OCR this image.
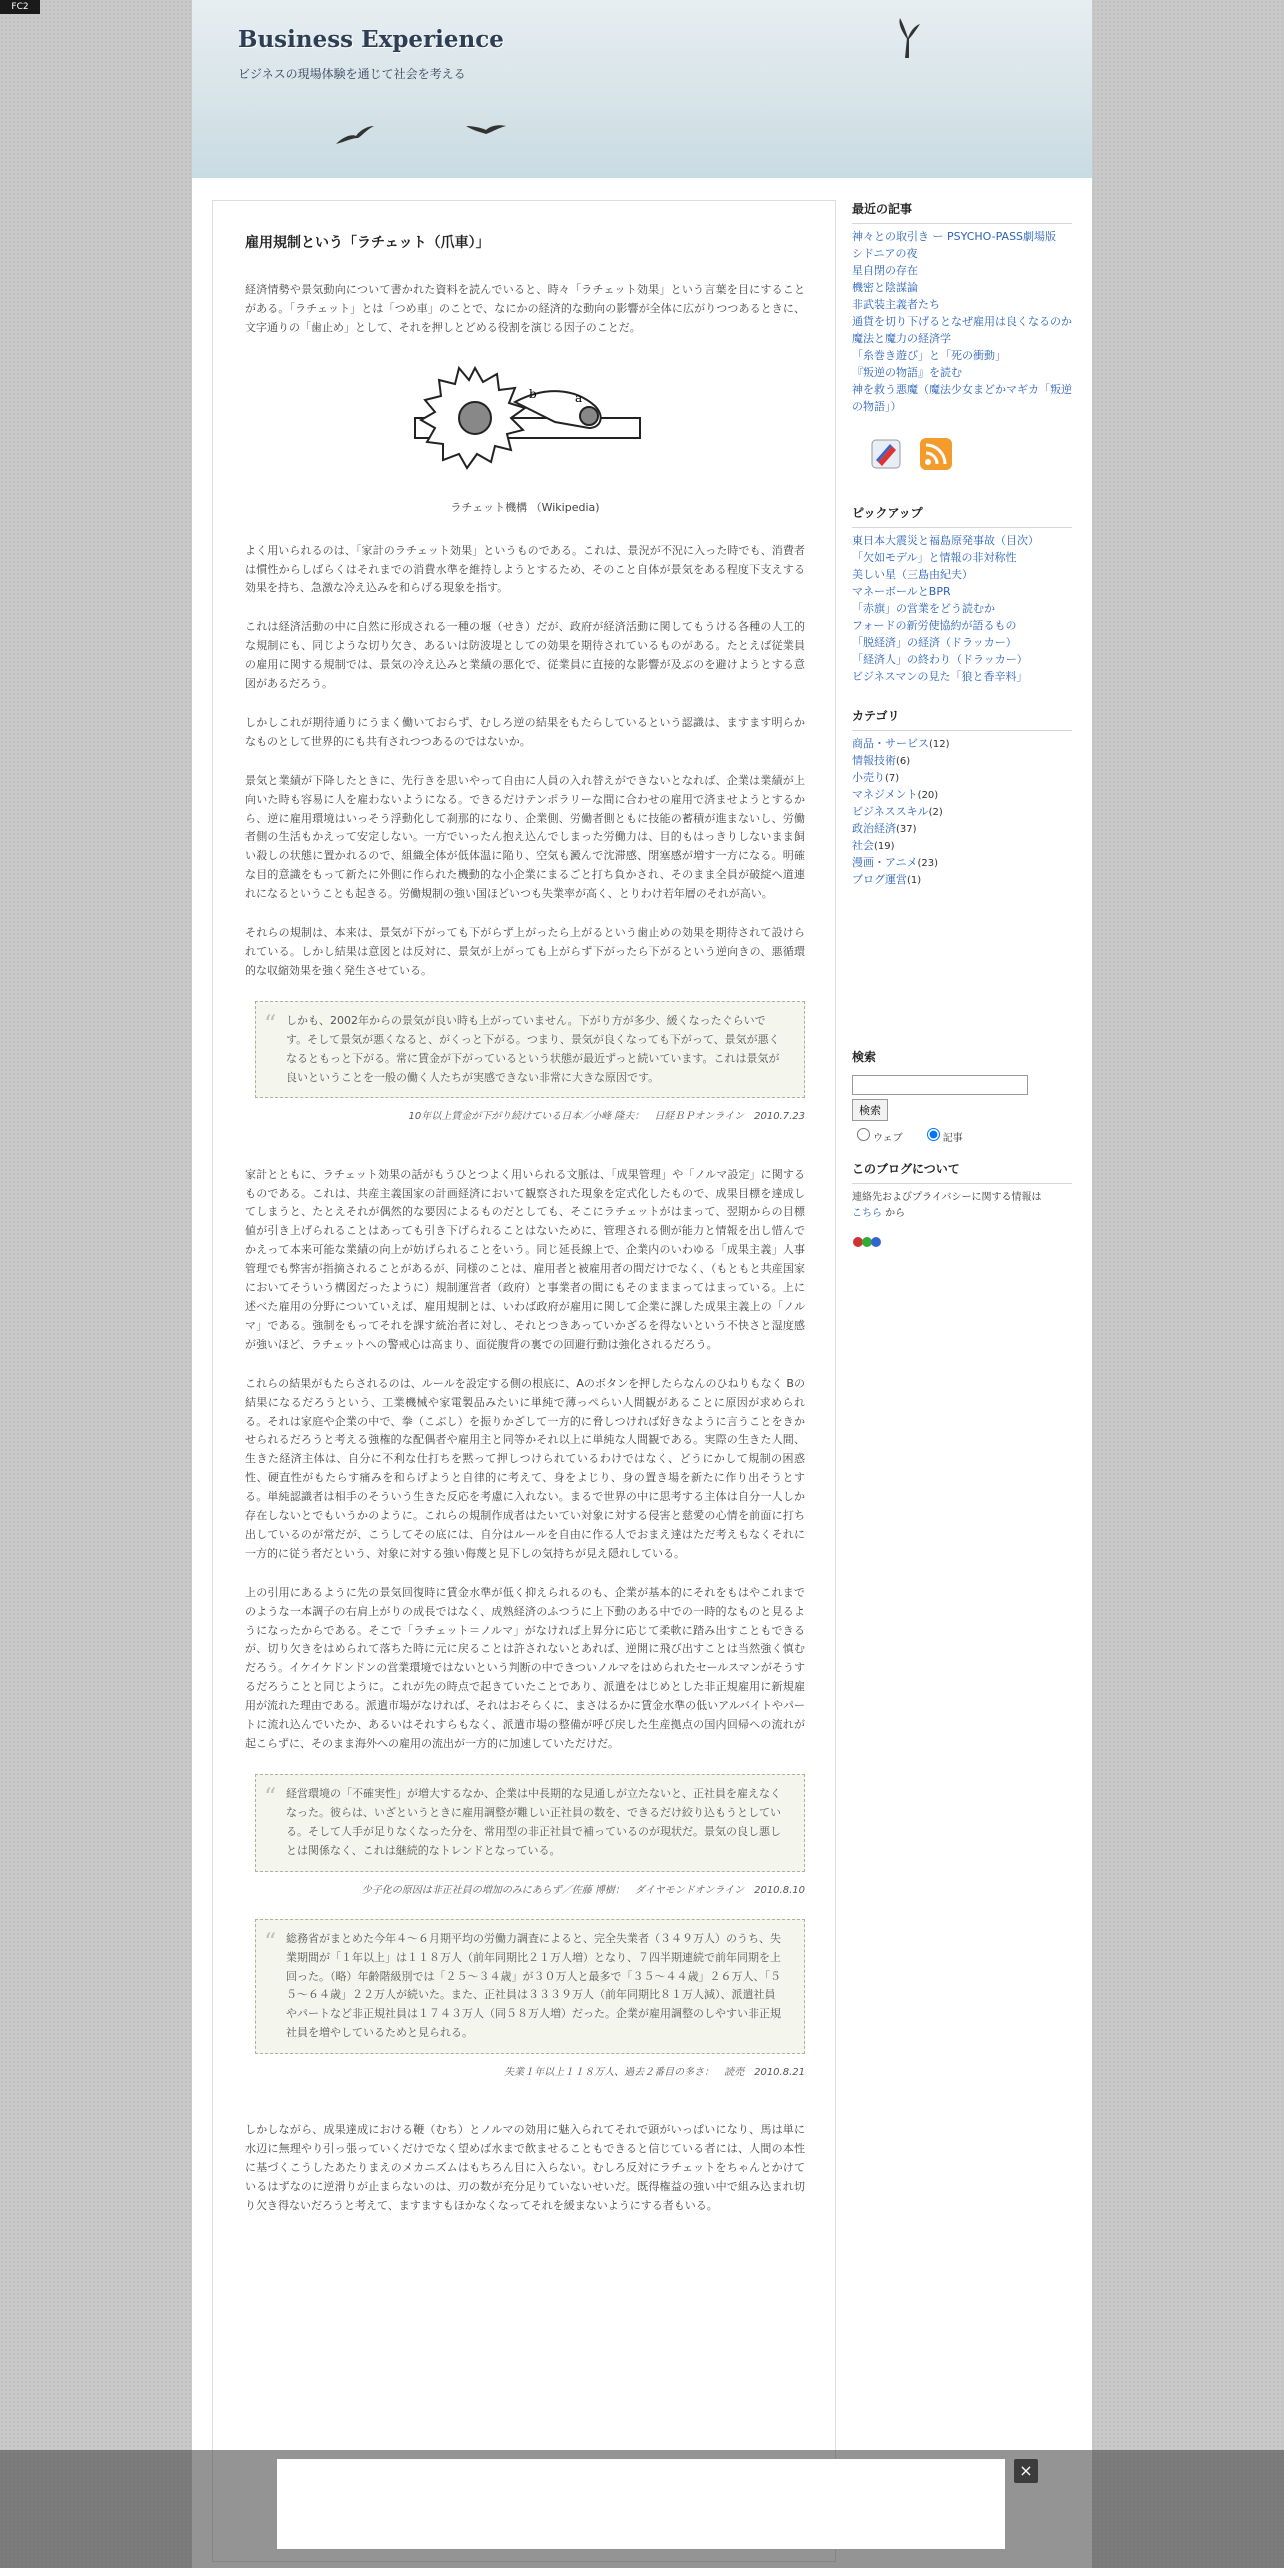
FC2
Business Experience
ビジネスの現場体験を通じて社会を考える
雇用規制という「ラチェット（爪車）」

経済情勢や景気動向について書かれた資料を読んでいると、時々「ラチェット効果」という言葉を目にすることがある。「ラチェット」とは「つめ車」のことで、なにかの経済的な動向の影響が全体に広がりつつあるときに、文字通りの「歯止め」として、それを押しとどめる役割を演じる因子のことだ。

b	a
ラチェット機構 （Wikipedia)

よく用いられるのは、「家計のラチェット効果」というものである。これは、景況が不況に入った時でも、消費者は慣性からしばらくはそれまでの消費水準を維持しようとするため、そのこと自体が景気をある程度下支えする効果を持ち、急激な冷え込みを和らげる現象を指す。

これは経済活動の中に自然に形成される一種の堰（せき）だが、政府が経済活動に関してもうける各種の人工的な規制にも、同じような切り欠き、あるいは防波堤としての効果を期待されているものがある。たとえば従業員の雇用に関する規制では、景気の冷え込みと業績の悪化で、従業員に直接的な影響が及ぶのを避けようとする意図があるだろう。

しかしこれが期待通りにうまく働いておらず、むしろ逆の結果をもたらしているという認識は、ますます明らかなものとして世界的にも共有されつつあるのではないか。

景気と業績が下降したときに、先行きを思いやって自由に人員の入れ替えができないとなれば、企業は業績が上向いた時も容易に人を雇わないようになる。できるだけテンポラリーな間に合わせの雇用で済ませようとするから、逆に雇用環境はいっそう浮動化して刹那的になり、企業側、労働者側ともに技能の蓄積が進まないし、労働者側の生活もかえって安定しない。一方でいったん抱え込んでしまった労働力は、目的もはっきりしないまま飼い殺しの状態に置かれるので、組織全体が低体温に陥り、空気も澱んで沈滞感、閉塞感が増す一方になる。明確な目的意識をもって新たに外側に作られた機動的な小企業にまるごと打ち負かされ、そのまま全員が破綻へ道連れになるということも起きる。労働規制の強い国ほどいつも失業率が高く、とりわけ若年層のそれが高い。

それらの規制は、本来は、景気が下がっても下がらず上がったら上がるという歯止めの効果を期待されて設けられている。しかし結果は意図とは反対に、景気が上がっても上がらず下がったら下がるという逆向きの、悪循環的な収縮効果を強く発生させている。

“ しかも、2002年からの景気が良い時も上がっていません。下がり方が多少、緩くなったぐらいです。そして景気が悪くなると、がくっと下がる。つまり、景気が良くなっても下がって、景気が悪くなるともっと下がる。常に賃金が下がっているという状態が最近ずっと続いています。これは景気が良いということを一般の働く人たちが実感できない非常に大きな原因です。
10年以上賃金が下がり続けている日本／小峰 隆夫：　日経ＢＰオンライン　2010.7.23

家計とともに、ラチェット効果の話がもうひとつよく用いられる文脈は、「成果管理」や「ノルマ設定」に関するものである。これは、共産主義国家の計画経済において観察された現象を定式化したもので、成果目標を達成してしまうと、たとえそれが偶然的な要因によるものだとしても、そこにラチェットがはまって、翌期からの目標値が引き上げられることはあっても引き下げられることはないために、管理される側が能力と情報を出し惜んでかえって本来可能な業績の向上が妨げられることをいう。同じ延長線上で、企業内のいわゆる「成果主義」人事管理でも弊害が指摘されることがあるが、同様のことは、雇用者と被雇用者の間だけでなく、（もともと共産国家においてそういう構図だったように）規制運営者（政府）と事業者の間にもそのまままってはまっている。上に述べた雇用の分野についていえば、雇用規制とは、いわば政府が雇用に関して企業に課した成果主義上の「ノルマ」である。強制をもってそれを課す統治者に対し、それとつきあっていかざるを得ないという不快さと湿度感が強いほど、ラチェットへの警戒心は高まり、面従腹背の裏での回避行動は強化されるだろう。

これらの結果がもたらされるのは、ルールを設定する側の根底に、Aのボタンを押したらなんのひねりもなく Bの結果になるだろうという、工業機械や家電製品みたいに単純で薄っぺらい人間観があることに原因が求められる。それは家庭や企業の中で、拳（こぶし）を振りかざして一方的に脅しつければ好きなように言うことをきかせられるだろうと考える強権的な配偶者や雇用主と同等かそれ以上に単純な人間観である。実際の生きた人間、生きた経済主体は、自分に不利な仕打ちを黙って押しつけられているわけではなく、どうにかして規制の困惑性、硬直性がもたらす痛みを和らげようと自律的に考えて、身をよじり、身の置き場を新たに作り出そうとする。単純認識者は相手のそういう生きた反応を考慮に入れない。まるで世界の中に思考する主体は自分一人しか存在しないとでもいうかのように。これらの規制作成者はたいてい対象に対する侵害と慈愛の心情を前面に打ち出しているのが常だが、こうしてその底には、自分はルールを自由に作る人でおまえ達はただ考えもなくそれに一方的に従う者だという、対象に対する強い侮蔑と見下しの気持ちが見え隠れしている。

上の引用にあるように先の景気回復時に賃金水準が低く抑えられるのも、企業が基本的にそれをもはやこれまでのような一本調子の右肩上がりの成長ではなく、成熟経済のふつうに上下動のある中での一時的なものと見るようになったからである。そこで「ラチェット＝ノルマ」がなければ上昇分に応じて柔軟に踏み出すこともできるが、切り欠きをはめられて落ちた時に元に戻ることは許されないとあれば、逆開に飛び出すことは当然強く慎むだろう。イケイケドンドンの営業環境ではないという判断の中できついノルマをはめられたセールスマンがそうするだろうことと同じように。これが先の時点で起きていたことであり、派遣をはじめとした非正規雇用に新規雇用が流れた理由である。派遣市場がなければ、それはおそらくに、まさはるかに賃金水準の低いアルバイトやパートに流れ込んでいたか、あるいはそれすらもなく、派遣市場の整備が呼び戻した生産拠点の国内回帰への流れが起こらずに、そのまま海外への雇用の流出が一方的に加速していただけだ。

“ 経営環境の「不確実性」が増大するなか、企業は中長期的な見通しが立たないと、正社員を雇えなくなった。彼らは、いざというときに雇用調整が難しい正社員の数を、できるだけ絞り込もうとしている。そして人手が足りなくなった分を、常用型の非正社員で補っているのが現状だ。景気の良し悪しとは関係なく、これは継続的なトレンドとなっている。
少子化の原因は非正社員の増加のみにあらず／佐藤 博樹：　ダイヤモンドオンライン　2010.8.10
“ 総務省がまとめた今年４～６月期平均の労働力調査によると、完全失業者（３４９万人）のうち、失業期間が「１年以上」は１１８万人（前年同期比２１万人増）となり、７四半期連続で前年同期を上回った。（略）年齢階級別では「２５～３４歳」が３０万人と最多で「３５～４４歳」２６万人、「５５～６４歳」２２万人が続いた。また、正社員は３３３９万人（前年同期比８１万人減）、派遣社員やパートなど非正規社員は１７４３万人（同５８万人増）だった。企業が雇用調整のしやすい非正規社員を増やしているためと見られる。
失業１年以上１１８万人、過去２番目の多さ：　読売　2010.8.21

しかしながら、成果達成における鞭（むち）とノルマの効用に魅入られてそれで頭がいっぱいになり、馬は単に水辺に無理やり引っ張っていくだけでなく望めば水まで飲ませることもできると信じている者には、人間の本性に基づくこうしたあたりまえのメカニズムはもちろん目に入らない。むしろ反対にラチェットをちゃんとかけているはずなのに逆滑りが止まらないのは、刃の数が充分足りていないせいだ。既得権益の強い中で組み込まれ切り欠き得ないだろうと考えて、ますますもほかなくなってそれを緩まないようにする者もいる。

最近の記事
神々との取引き ー PSYCHO-PASS劇場版
シドニアの夜
星自閉の存在
機密と陰謀論
非武装主義者たち
通貨を切り下げるとなぜ雇用は良くなるのか
魔法と魔力の経済学
「糸巻き遊び」と「死の衝動」
『叛逆の物語』を読む
神を救う悪魔（魔法少女まどかマギカ「叛逆の物語」）
ピックアップ
東日本大震災と福島原発事故（目次）
「欠如モデル」と情報の非対称性
美しい星（三島由紀夫）
マネーボールとBPR
「赤旗」の営業をどう読むか
フォードの新労使協約が語るもの
「脱経済」の経済（ドラッカー）
「経済人」の終わり（ドラッカー）
ビジネスマンの見た「狼と香辛料」
カテゴリ
商品・サービス(12)
情報技術(6)
小売り(7)
マネジメント(20)
ビジネススキル(2)
政治経済(37)
社会(19)
漫画・アニメ(23)
ブログ運営(1)
検索
検索
ウェブ	記事
このブログについて
連絡先およびプライバシーに関する情報は
こちら から
×
